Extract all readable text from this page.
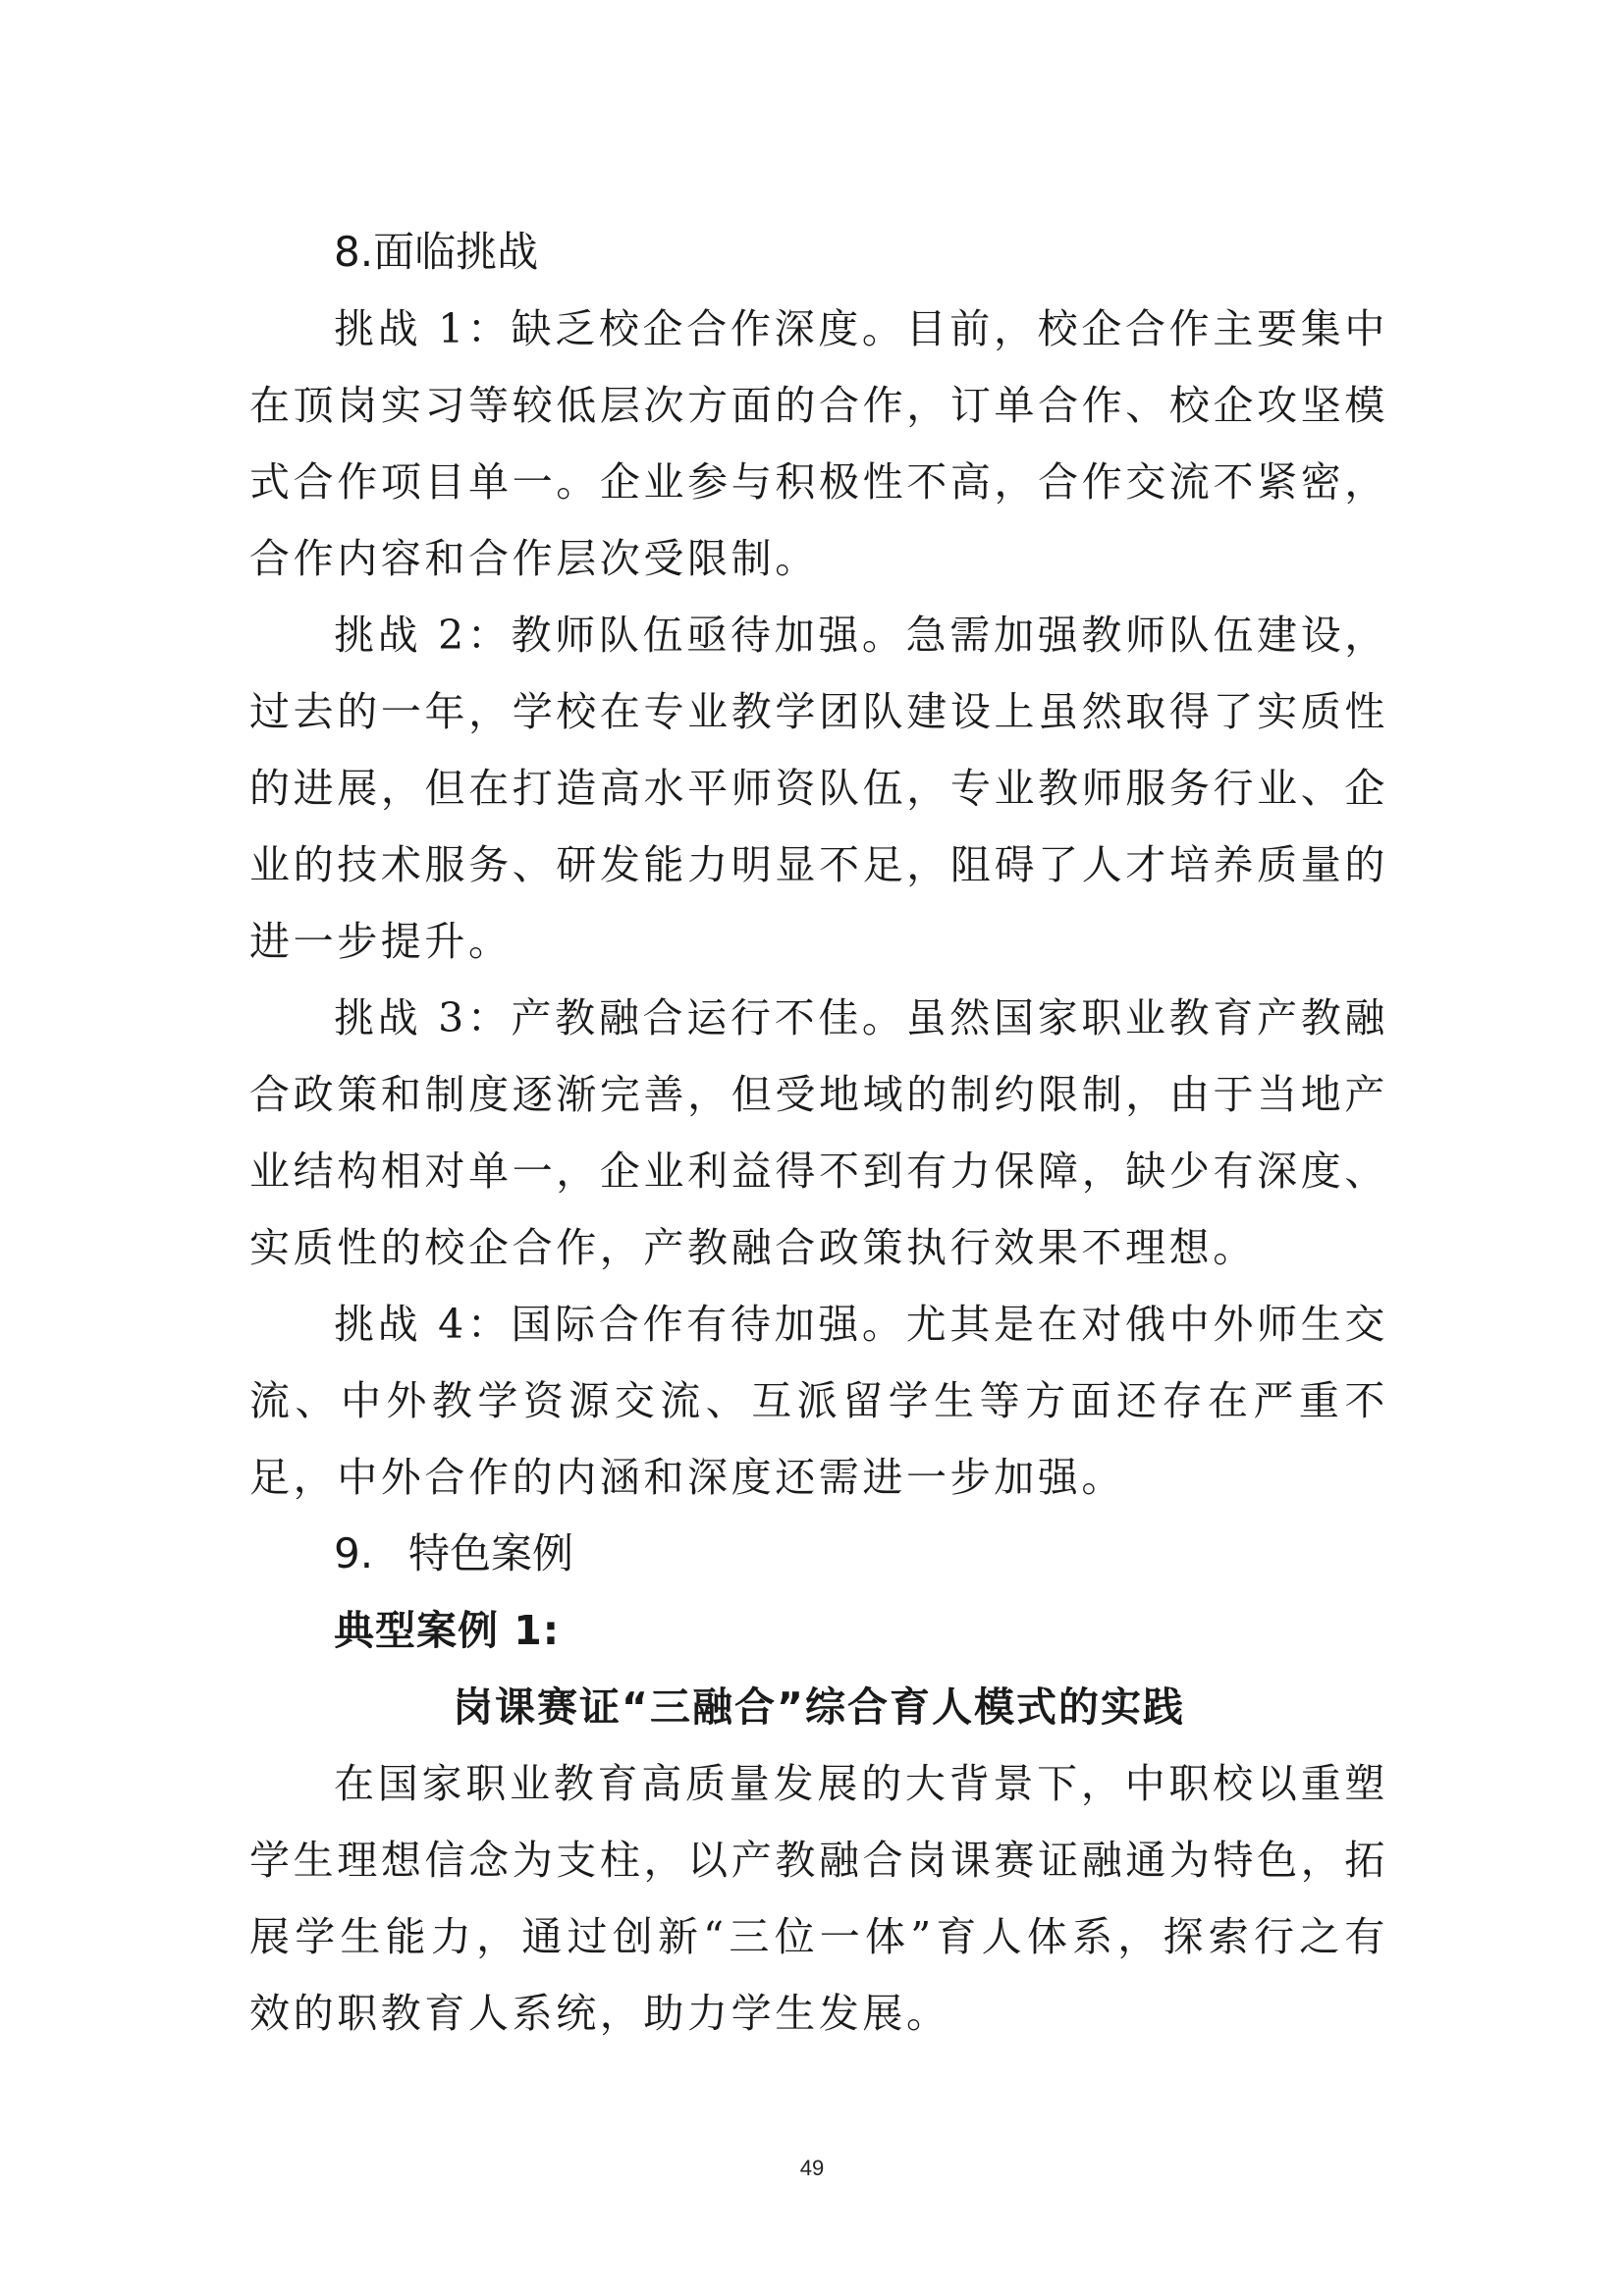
8.面临挑战

挑战 1：缺乏校企合作深度。目前，校企合作主要集中在顶岗实习等较低层次方面的合作，订单合作、校企攻坚模式合作项目单一。企业参与积极性不高，合作交流不紧密，合作内容和合作层次受限制。

挑战 2：教师队伍亟待加强。急需加强教师队伍建设，过去的一年，学校在专业教学团队建设上虽然取得了实质性的进展，但在打造高水平师资队伍，专业教师服务行业、企业的技术服务、研发能力明显不足，阻碍了人才培养质量的进一步提升。

挑战 3：产教融合运行不佳。虽然国家职业教育产教融合政策和制度逐渐完善，但受地域的制约限制，由于当地产业结构相对单一，企业利益得不到有力保障，缺少有深度、实质性的校企合作，产教融合政策执行效果不理想。

挑战 4：国际合作有待加强。尤其是在对俄中外师生交流、中外教学资源交流、互派留学生等方面还存在严重不足，中外合作的内涵和深度还需进一步加强。

9. 特色案例

典型案例 1:

岗课赛证“三融合”综合育人模式的实践

在国家职业教育高质量发展的大背景下，中职校以重塑学生理想信念为支柱，以产教融合岗课赛证融通为特色，拓展学生能力，通过创新“三位一体”育人体系，探索行之有效的职教育人系统，助力学生发展。

49
